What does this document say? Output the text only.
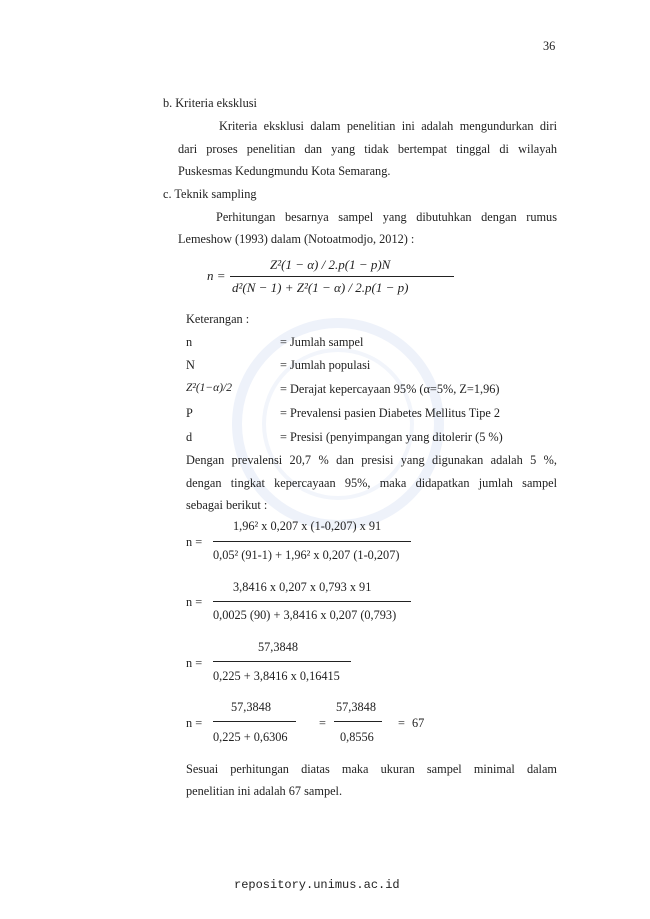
36
b. Kriteria eksklusi
Kriteria eksklusi dalam penelitian ini adalah mengundurkan diri
dari proses penelitian dan yang tidak bertempat tinggal di wilayah
Puskesmas Kedungmundu Kota Semarang.
c. Teknik sampling
Perhitungan besarnya sampel yang dibutuhkan dengan rumus
Lemeshow (1993) dalam (Notoatmodjo, 2012) :
n =
Z²(1 − α) / 2.p(1 − p)N
d²(N − 1) + Z²(1 − α) / 2.p(1 − p)
Keterangan :
n	= Jumlah sampel
N	= Jumlah populasi
Z²(1−α)/2	= Derajat kepercayaan 95% (α=5%, Z=1,96)
P	= Prevalensi pasien Diabetes Mellitus Tipe 2
d	= Presisi (penyimpangan yang ditolerir (5 %)
Dengan prevalensi 20,7 % dan presisi yang digunakan adalah 5 %,
dengan tingkat kepercayaan 95%, maka didapatkan jumlah sampel
sebagai berikut :
n =
1,96² x 0,207 x (1-0,207) x 91
0,05² (91-1) + 1,96² x 0,207 (1-0,207)
n =
3,8416 x 0,207 x 0,793 x 91
0,0025 (90) + 3,8416 x 0,207 (0,793)
n =
57,3848
0,225 + 3,8416 x 0,16415
n =
57,3848
0,225 + 0,6306
=
57,3848
0,8556
= 67
Sesuai perhitungan diatas maka ukuran sampel minimal dalam
penelitian ini adalah 67 sampel.
repository.unimus.ac.id
